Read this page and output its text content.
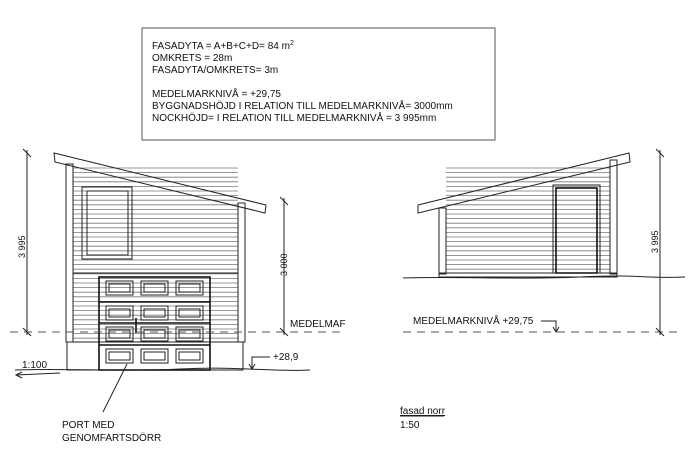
FASADYTA = A+B+C+D= 84 $m^2$
OMKRETS = 28m
FASADYTA/OMKRETS= 3m
MEDELMARKNIVÅ = +29,75
BYGGNADSHÖJD I RELATION TILL MEDELMARKNIVÅ= 3000mm
NOCKHÖJD= I RELATION TILL MEDELMARKNIVÅ = 3 995mm
3 995
3 000
MEDELMAF
1:100
+28,9
PORT MED
GENOMFARTSDÖRR
3 995
MEDELMARKNIVÅ +29,75
fasad norr
1:50
